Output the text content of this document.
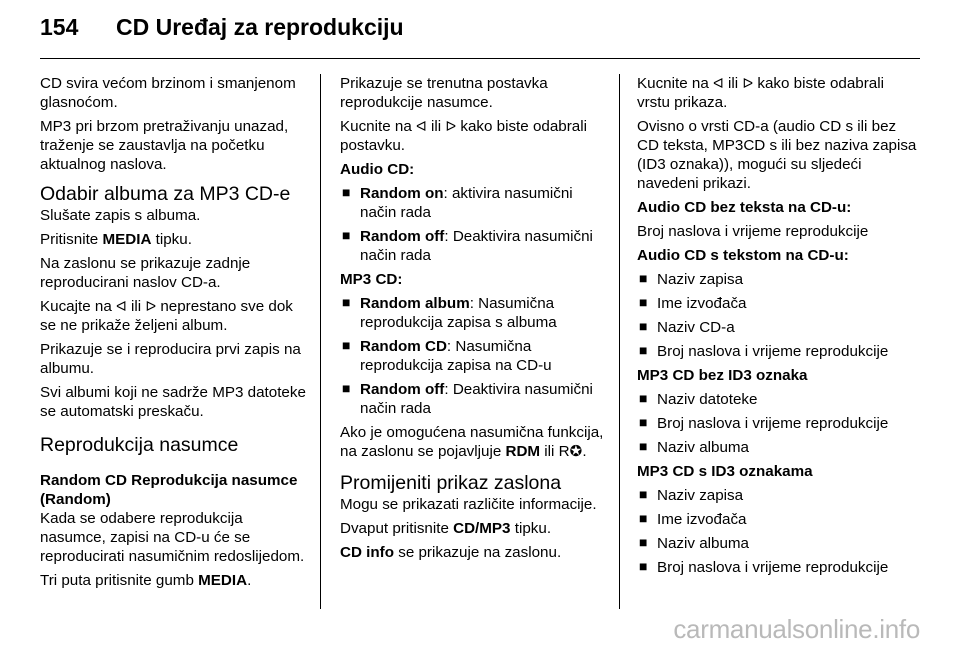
154 CD Uređaj za reprodukciju

CD svira većom brzinom i smanjenom glasnoćom.

MP3 pri brzom pretraživanju unazad, traženje se zaustavlja na početku aktualnog naslova.

Odabir albuma za MP3 CD-e

Slušate zapis s albuma.

Pritisnite MEDIA tipku.

Na zaslonu se prikazuje zadnje reproducirani naslov CD-a.

Kucajte na ᐊ ili ᐅ neprestano sve dok se ne prikaže željeni album.

Prikazuje se i reproducira prvi zapis na albumu.

Svi albumi koji ne sadrže MP3 datoteke se automatski preskaču.

Reprodukcija nasumce
Random CD Reprodukcija nasumce (Random)

Kada se odabere reprodukcija nasumce, zapisi na CD-u će se reproducirati nasumičnim redoslijedom.

Tri puta pritisnite gumb MEDIA.

Prikazuje se trenutna postavka reprodukcije nasumce.

Kucnite na ᐊ ili ᐅ kako biste odabrali postavku.

Audio CD:

■ Random on: aktivira nasumični način rada
■ Random off: Deaktivira nasumični način rada

MP3 CD:

■ Random album: Nasumična reprodukcija zapisa s albuma
■ Random CD: Nasumična reprodukcija zapisa na CD-u
■ Random off: Deaktivira nasumični način rada

Ako je omogućena nasumična funkcija, na zaslonu se pojavljuje RDM ili R✪.

Promijeniti prikaz zaslona

Mogu se prikazati različite informacije.

Dvaput pritisnite CD/MP3 tipku.

CD info se prikazuje na zaslonu.

Kucnite na ᐊ ili ᐅ kako biste odabrali vrstu prikaza.

Ovisno o vrsti CD-a (audio CD s ili bez CD teksta, MP3CD s ili bez naziva zapisa (ID3 oznaka)), mogući su sljedeći navedeni prikazi.

Audio CD bez teksta na CD-u:

Broj naslova i vrijeme reprodukcije

Audio CD s tekstom na CD-u:

■ Naziv zapisa
■ Ime izvođača
■ Naziv CD-a
■ Broj naslova i vrijeme reprodukcije

MP3 CD bez ID3 oznaka

■ Naziv datoteke
■ Broj naslova i vrijeme reprodukcije
■ Naziv albuma

MP3 CD s ID3 oznakama

■ Naziv zapisa
■ Ime izvođača
■ Naziv albuma
■ Broj naslova i vrijeme reprodukcije
carmanualsonline.info
